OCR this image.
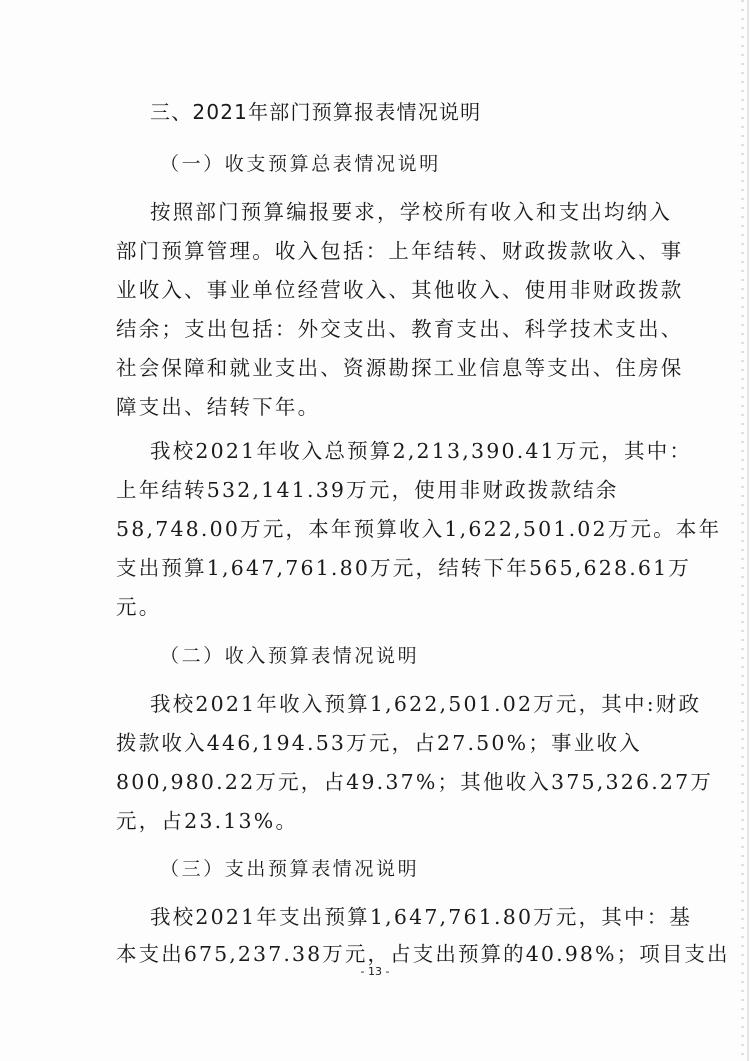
三、2021年部门预算报表情况说明
（一）收支预算总表情况说明
按照部门预算编报要求，学校所有收入和支出均纳入
部门预算管理。收入包括：上年结转、财政拨款收入、事
业收入、事业单位经营收入、其他收入、使用非财政拨款
结余；支出包括：外交支出、教育支出、科学技术支出、
社会保障和就业支出、资源勘探工业信息等支出、住房保
障支出、结转下年。
我校2021年收入总预算2,213,390.41万元，其中：
上年结转532,141.39万元，使用非财政拨款结余
58,748.00万元，本年预算收入1,622,501.02万元。本年
支出预算1,647,761.80万元，结转下年565,628.61万
元。
（二）收入预算表情况说明
我校2021年收入预算1,622,501.02万元，其中:财政
拨款收入446,194.53万元，占27.50%；事业收入
800,980.22万元，占49.37%；其他收入375,326.27万
元，占23.13%。
（三）支出预算表情况说明
我校2021年支出预算1,647,761.80万元，其中：基
本支出675,237.38万元，占支出预算的40.98%；项目支出
- 13 -
